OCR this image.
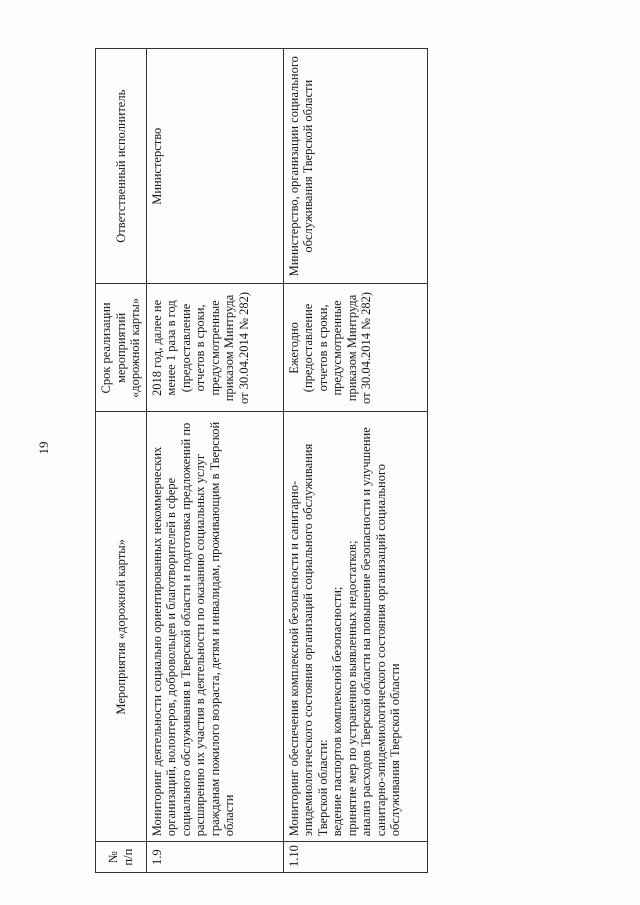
19
№ п/п	Мероприятия «дорожной карты»	Срок реализации мероприятий «дорожной карты»	Ответственный исполнитель
1.9	Мониторинг деятельности социально ориентированных некоммерческих организаций, волонтеров, добровольцев и благотворителей в сфере социального обслуживания в Тверской области и подготовка предложений по расширению их участия в деятельности по оказанию социальных услуг гражданам пожилого возраста, детям и инвалидам, проживающим в Тверской области	2018 год, далее не менее 1 раза в год (предоставление отчетов в сроки, предусмотренные приказом Минтруда от 30.04.2014 № 282)	Министерство
1.10	Мониторинг обеспечения комплексной безопасности и санитарно-эпидемиологического состояния организаций социального обслуживания Тверской области: ведение паспортов комплексной безопасности; принятие мер по устранению выявленных недостатков; анализ расходов Тверской области на повышение безопасности и улучшение санитарно-эпидемиологического состояния организаций социального обслуживания Тверской области	Ежегодно (предоставление отчетов в сроки, предусмотренные приказом Минтруда от 30.04.2014 № 282)	Министерство, организации социального обслуживания Тверской области
